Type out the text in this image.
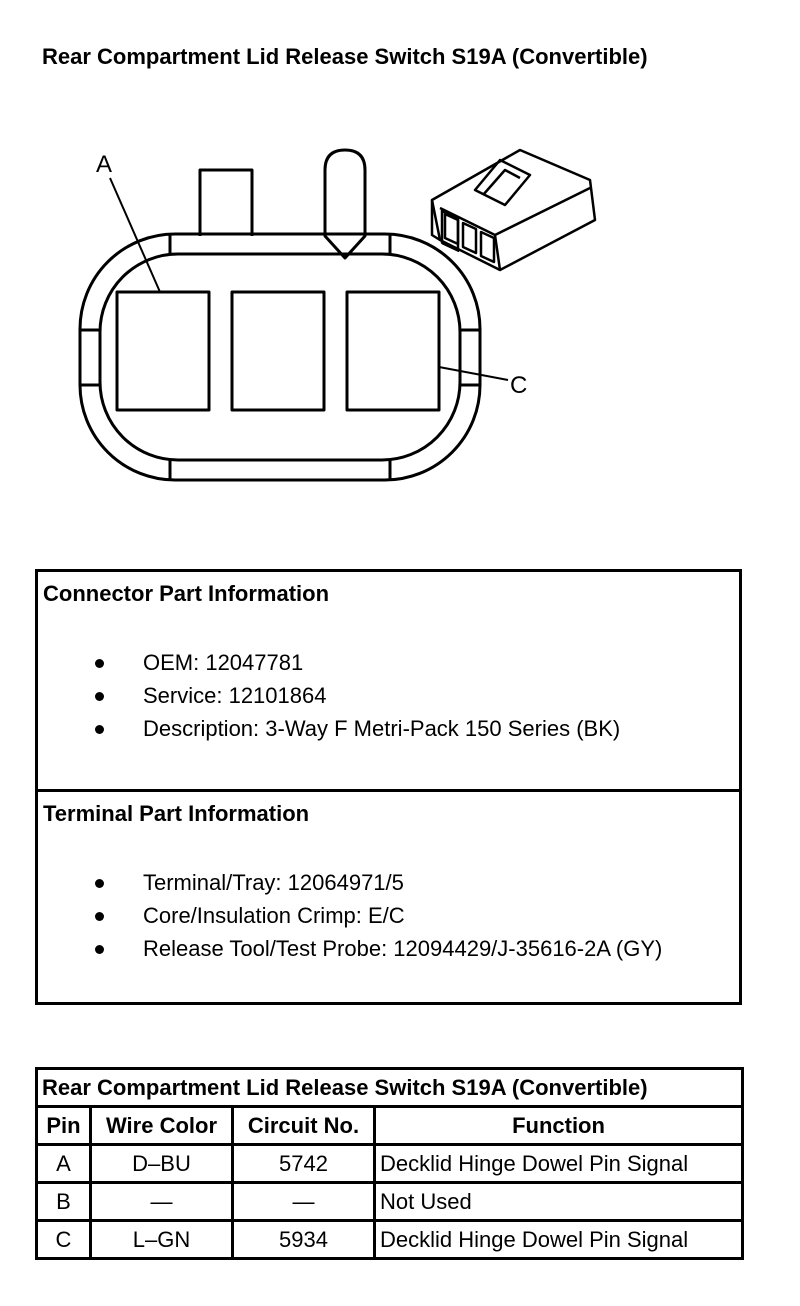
Rear Compartment Lid Release Switch S19A (Convertible)
A
C
Connector Part Information
OEM: 12047781
Service: 12101864
Description: 3-Way F Metri-Pack 150 Series (BK)
Terminal Part Information
Terminal/Tray: 12064971/5
Core/Insulation Crimp: E/C
Release Tool/Test Probe: 12094429/J-35616-2A (GY)
Rear Compartment Lid Release Switch S19A (Convertible)			
Pin	Wire Color	Circuit No.	Function
A	D–BU	5742	Decklid Hinge Dowel Pin Signal
B	—	—	Not Used
C	L–GN	5934	Decklid Hinge Dowel Pin Signal
